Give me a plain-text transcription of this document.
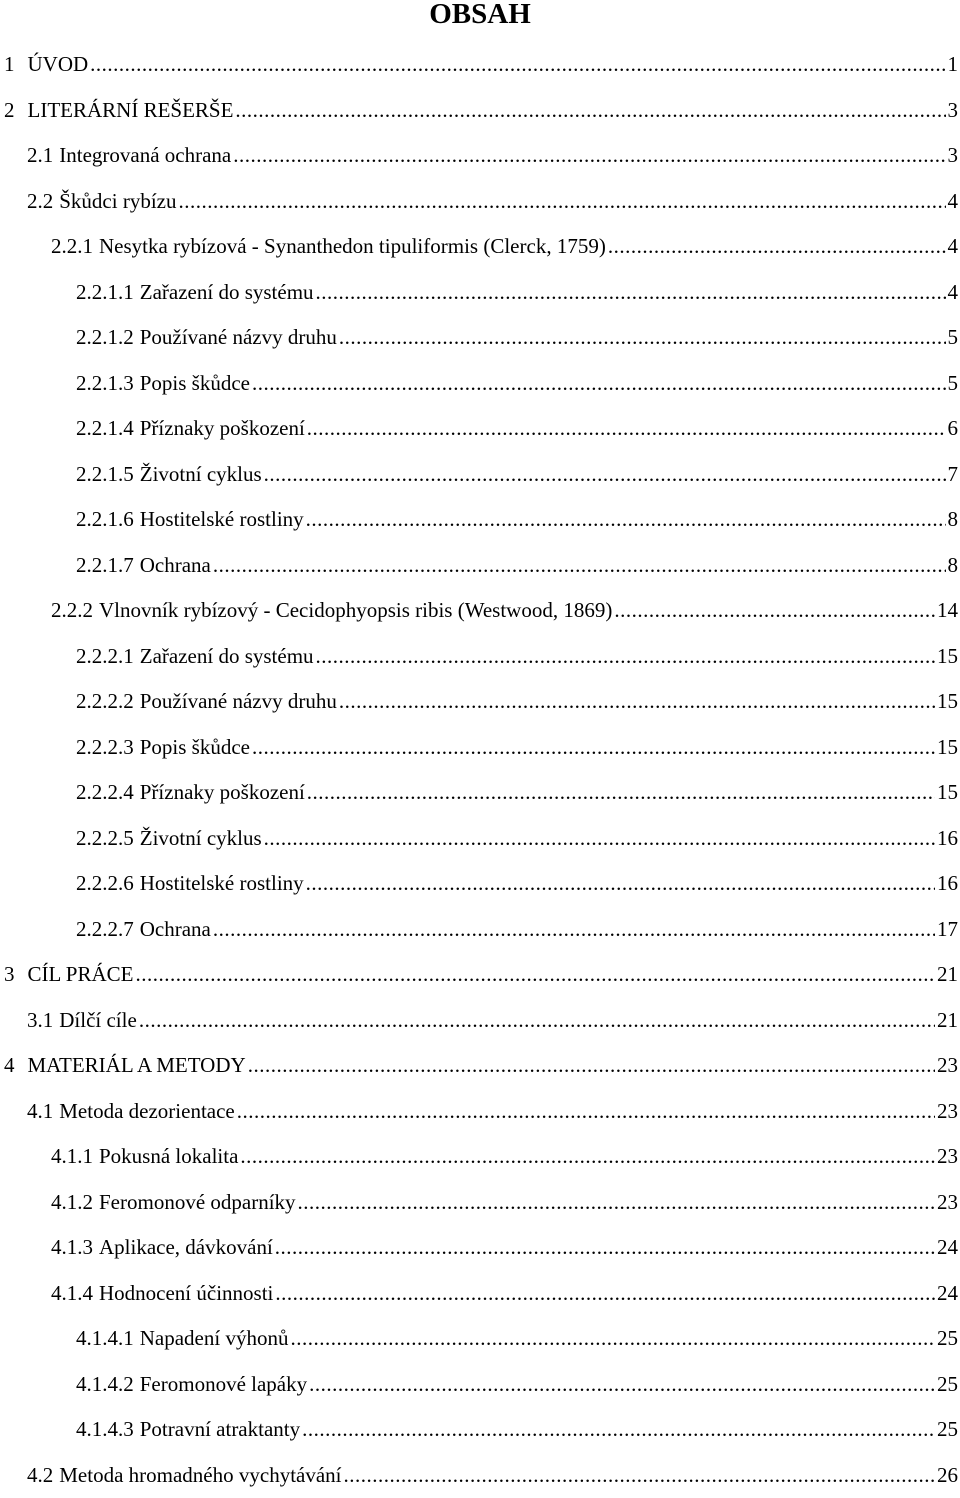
OBSAH
1 ÚVOD .....	1
2 LITERÁRNÍ REŠERŠE .....	3
2.1 Integrovaná ochrana .....	3
2.2 Škůdci rybízu .....	4
2.2.1 Nesytka rybízová - Synanthedon tipuliformis (Clerck, 1759) .....	4
2.2.1.1 Zařazení do systému .....	4
2.2.1.2 Používané názvy druhu .....	5
2.2.1.3 Popis škůdce .....	5
2.2.1.4 Příznaky poškození .....	6
2.2.1.5 Životní cyklus .....	7
2.2.1.6 Hostitelské rostliny .....	8
2.2.1.7 Ochrana .....	8
2.2.2 Vlnovník rybízový - Cecidophyopsis ribis (Westwood, 1869) .....	14
2.2.2.1 Zařazení do systému .....	15
2.2.2.2 Používané názvy druhu .....	15
2.2.2.3 Popis škůdce .....	15
2.2.2.4 Příznaky poškození .....	15
2.2.2.5 Životní cyklus .....	16
2.2.2.6 Hostitelské rostliny .....	16
2.2.2.7 Ochrana .....	17
3 CÍL PRÁCE .....	21
3.1 Dílčí cíle .....	21
4 MATERIÁL A METODY .....	23
4.1 Metoda dezorientace .....	23
4.1.1 Pokusná lokalita .....	23
4.1.2 Feromonové odparníky .....	23
4.1.3 Aplikace, dávkování .....	24
4.1.4 Hodnocení účinnosti .....	24
4.1.4.1 Napadení výhonů .....	25
4.1.4.2 Feromonové lapáky .....	25
4.1.4.3 Potravní atraktanty .....	25
4.2 Metoda hromadného vychytávání .....	26
